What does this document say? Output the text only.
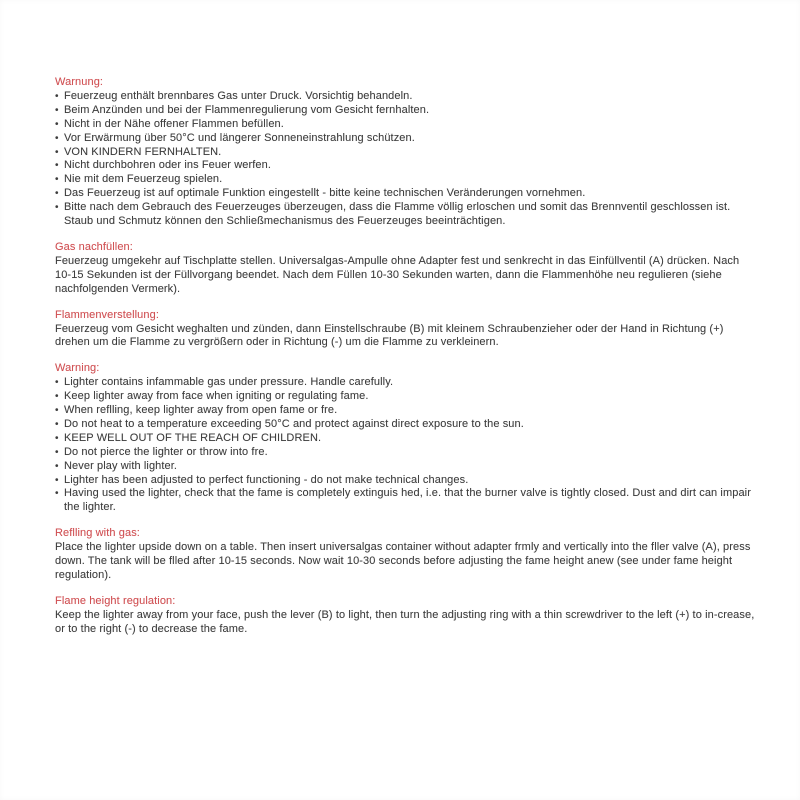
Warnung:
• Feuerzeug enthält brennbares Gas unter Druck. Vorsichtig behandeln.
• Beim Anzünden und bei der Flammenregulierung vom Gesicht fernhalten.
• Nicht in der Nähe offener Flammen befüllen.
• Vor Erwärmung über 50°C und längerer Sonneneinstrahlung schützen.
• VON KINDERN FERNHALTEN.
• Nicht durchbohren oder ins Feuer werfen.
• Nie mit dem Feuerzeug spielen.
• Das Feuerzeug ist auf optimale Funktion eingestellt - bitte keine technischen Veränderungen vornehmen.
• Bitte nach dem Gebrauch des Feuerzeuges überzeugen, dass die Flamme völlig erloschen und somit das Brennventil geschlossen ist. Staub und Schmutz können den Schließmechanismus des Feuerzeuges beeinträchtigen.
Gas nachfüllen:

Feuerzeug umgekehr auf Tischplatte stellen. Universalgas-Ampulle ohne Adapter fest und senkrecht in das Einfüllventil (A) drücken. Nach 10-15 Sekunden ist der Füllvorgang beendet. Nach dem Füllen 10-30 Sekunden warten, dann die Flammenhöhe neu regulieren (siehe nachfolgenden Vermerk).

Flammenverstellung:

Feuerzeug vom Gesicht weghalten und zünden, dann Einstellschraube (B) mit kleinem Schraubenzieher oder der Hand in Richtung (+) drehen um die Flamme zu vergrößern oder in Richtung (-) um die Flamme zu verkleinern.

Warning:
• Lighter contains infammable gas under pressure. Handle carefully.
• Keep lighter away from face when igniting or regulating fame.
• When reflling, keep lighter away from open fame or fre.
• Do not heat to a temperature exceeding 50°C and protect against direct exposure to the sun.
• KEEP WELL OUT OF THE REACH OF CHILDREN.
• Do not pierce the lighter or throw into fre.
• Never play with lighter.
• Lighter has been adjusted to perfect functioning - do not make technical changes.
• Having used the lighter, check that the fame is completely extinguis hed, i.e. that the burner valve is tightly closed. Dust and dirt can impair the lighter.
Reflling with gas:

Place the lighter upside down on a table. Then insert universalgas container without adapter frmly and vertically into the fller valve (A), press down. The tank will be flled after 10-15 seconds. Now wait 10-30 seconds before adjusting the fame height anew (see under fame height regulation).

Flame height regulation:

Keep the lighter away from your face, push the lever (B) to light, then turn the adjusting ring with a thin screwdriver to the left (+) to in-crease, or to the right (-) to decrease the fame.
